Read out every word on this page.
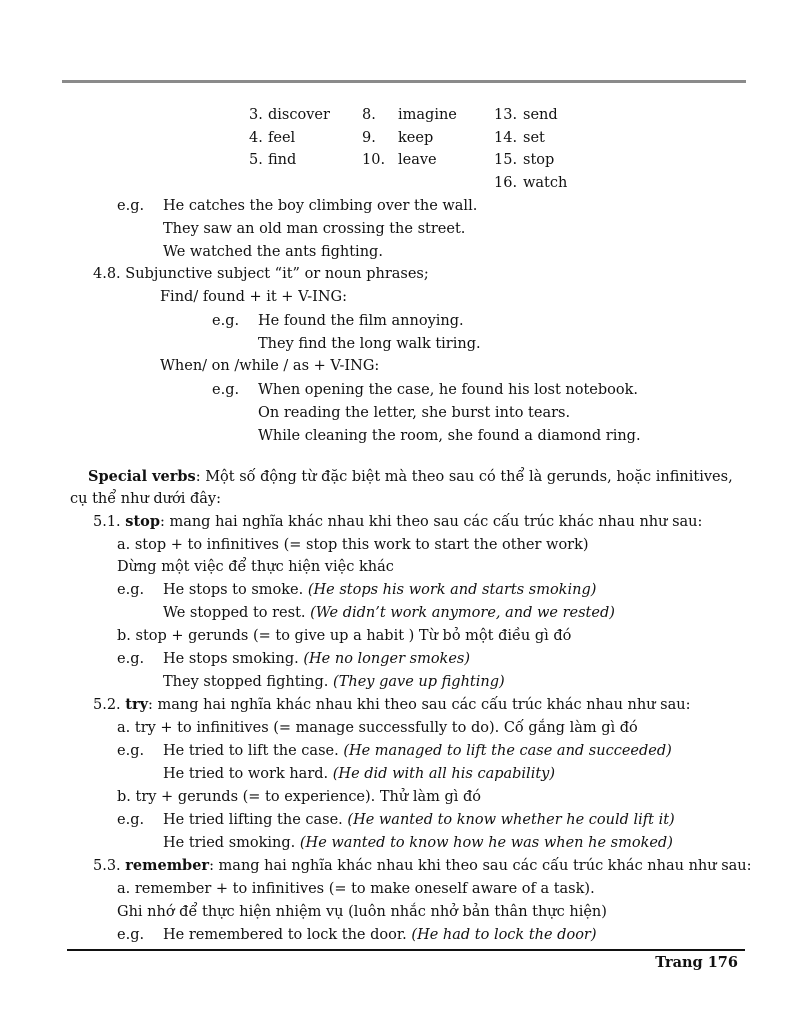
3. discover
4. feel
5. find
8. imagine
9. keep
10. leave
13. send
14. set
15. stop
16. watch
e.g. He catches the boy climbing over the wall.
They saw an old man crossing the street.
We watched the ants fighting.
4.8. Subjunctive subject “it” or noun phrases;
Find/ found + it + V-ING:
e.g. He found the film annoying.
They find the long walk tiring.
When/ on /while / as + V-ING:
e.g. When opening the case, he found his lost notebook.
On reading the letter, she burst into tears.
While cleaning the room, she found a diamond ring.
Special verbs: Một số động từ đặc biệt mà theo sau có thể là gerunds, hoặc infinitives,
cụ thể như dưới đây:
5.1. stop: mang hai nghĩa khác nhau khi theo sau các cấu trúc khác nhau như sau:
a. stop + to infinitives (= stop this work to start the other work)
Dừng một việc để thực hiện việc khác
e.g. He stops to smoke. (He stops his work and starts smoking)
We stopped to rest. (We didn’t work anymore, and we rested)
b. stop + gerunds (= to give up a habit ) Từ bỏ một điều gì đó
e.g. He stops smoking. (He no longer smokes)
They stopped fighting. (They gave up fighting)
5.2. try: mang hai nghĩa khác nhau khi theo sau các cấu trúc khác nhau như sau:
a. try + to infinitives (= manage successfully to do). Cố gắng làm gì đó
e.g. He tried to lift the case. (He managed to lift the case and succeeded)
He tried to work hard. (He did with all his capability)
b. try + gerunds (= to experience). Thử làm gì đó
e.g. He tried lifting the case. (He wanted to know whether he could lift it)
He tried smoking. (He wanted to know how he was when he smoked)
5.3. remember: mang hai nghĩa khác nhau khi theo sau các cấu trúc khác nhau như sau:
a. remember + to infinitives (= to make oneself aware of a task).
Ghi nhớ để thực hiện nhiệm vụ (luôn nhắc nhở bản thân thực hiện)
e.g. He remembered to lock the door. (He had to lock the door)
Trang 176
